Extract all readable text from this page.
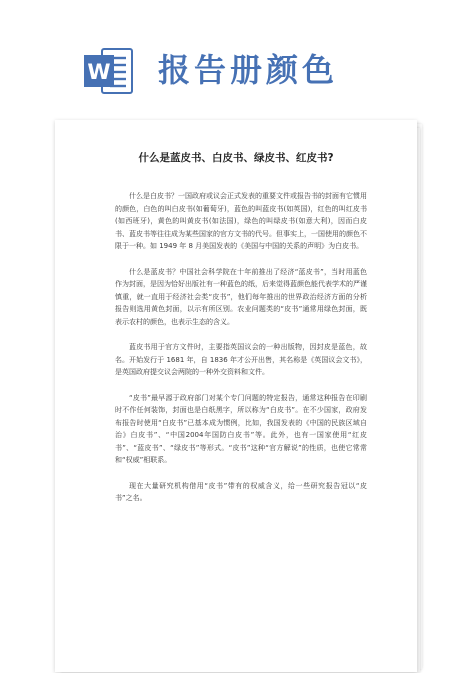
W 报告册颜色
什么是蓝皮书、白皮书、绿皮书、红皮书?

什么是白皮书？一国政府或议会正式发表的重要文件或报告书的封面有它惯用的颜色，白色的叫白皮书(如葡萄牙)，蓝色的叫蓝皮书(如英国)，红色的叫红皮书(如西班牙)，黄色的叫黄皮书(如法国)，绿色的叫绿皮书(如意大利)，因而白皮书、蓝皮书等往往成为某些国家的官方文书的代号。但事实上，一国使用的颜色不限于一种。如 1949 年 8 月美国发表的《美国与中国的关系的声明》为白皮书。

什么是蓝皮书？中国社会科学院在十年前推出了经济“蓝皮书”，当时用蓝色作为封面，是因为恰好出版社有一种蓝色的纸，后来觉得蓝颜色能代表学术的严谨慎重，就一直用于经济社会类“皮书”，他们每年推出的世界政治经济方面的分析报告则选用黄色封面，以示有所区别。农业问题类的“皮书”通常用绿色封面，既表示农村的颜色，也表示生态的含义。

蓝皮书用于官方文件时，主要指英国议会的一种出版物，因封皮是蓝色，故名。开始发行于 1681 年，自 1836 年才公开出售，其名称是《英国议会文书》，是英国政府提交议会两院的一种外交资料和文件。

“皮书”最早源于政府部门对某个专门问题的特定报告，通常这种报告在印刷时不作任何装饰，封面也是白纸黑字，所以称为“白皮书”。在不少国家，政府发布报告时使用“白皮书”已基本成为惯例，比如，我国发表的《中国的民族区域自治》白皮书”、“中国2004年国防白皮书”等。此外，也有一国家使用“红皮书”、“蓝皮书”、“绿皮书”等形式。“皮书”这种“官方解说”的性质，也使它常常和“权威”相联系。

现在大量研究机构借用“皮书”带有的权威含义，给一些研究报告冠以“皮书”之名。
